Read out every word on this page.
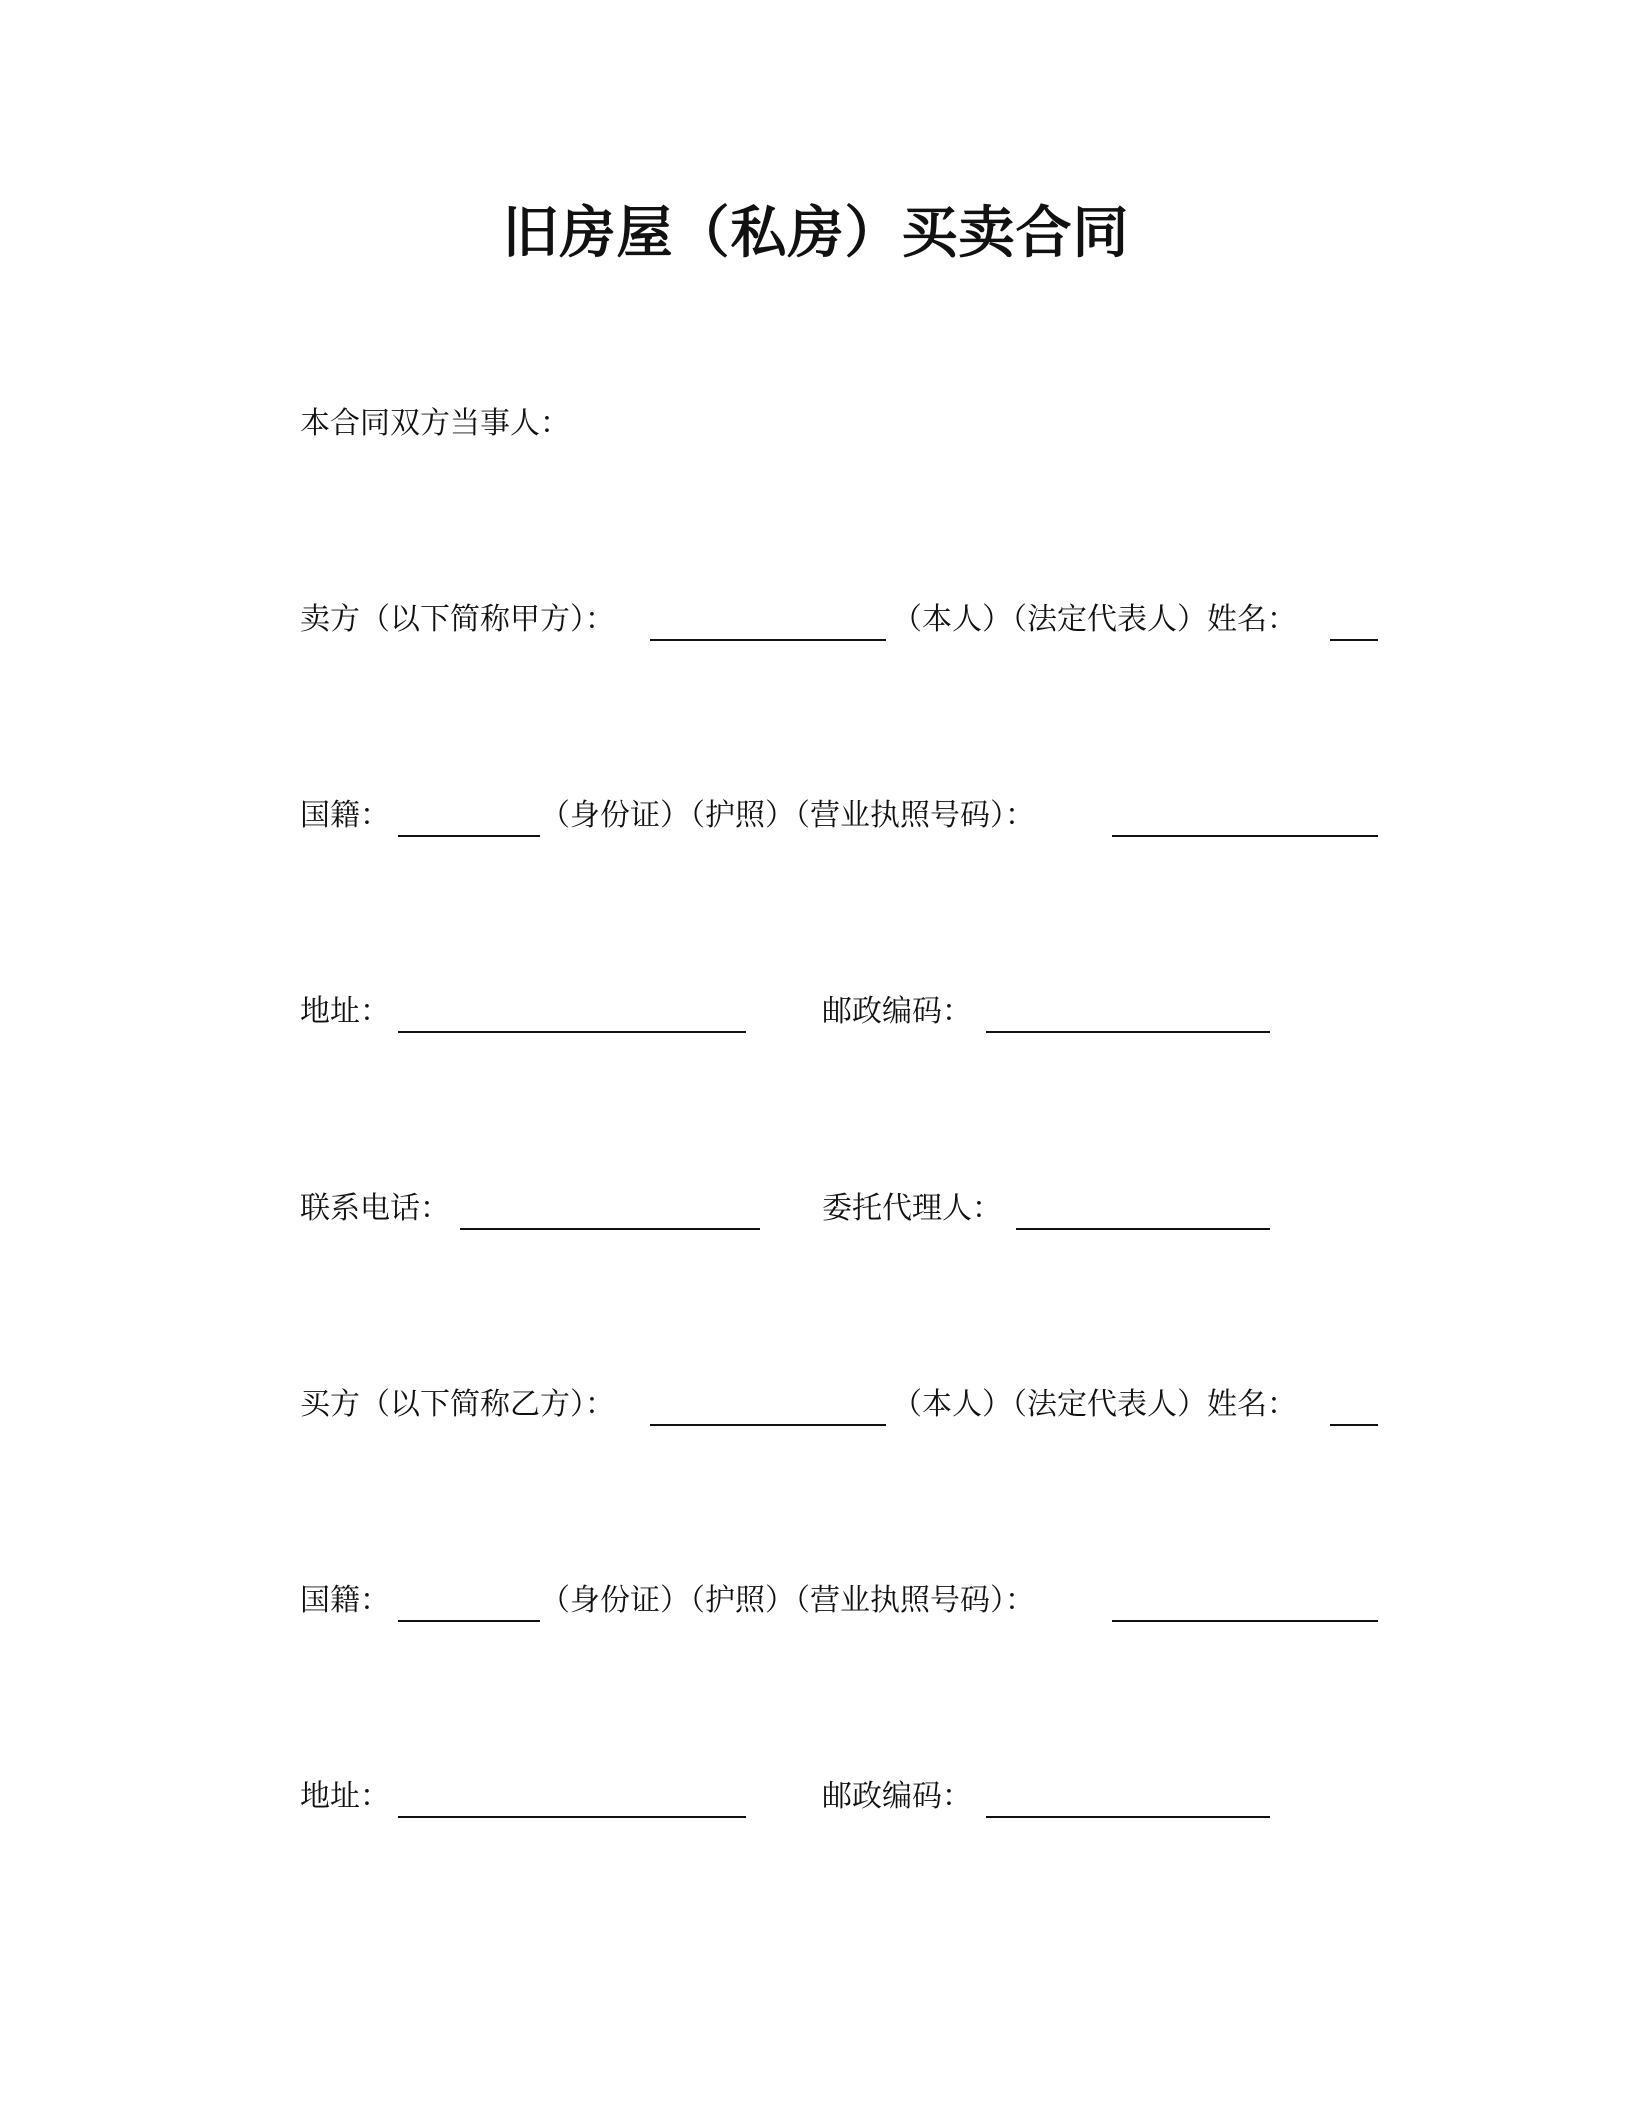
旧房屋（私房）买卖合同
本合同双方当事人：
卖方（以下简称甲方）：	（本人）（法定代表人）姓名：
国籍：	（身份证）（护照）（营业执照号码）：
地址：	邮政编码：
联系电话：	委托代理人：
买方（以下简称乙方）：	（本人）（法定代表人）姓名：
国籍：	（身份证）（护照）（营业执照号码）：
地址：	邮政编码：
